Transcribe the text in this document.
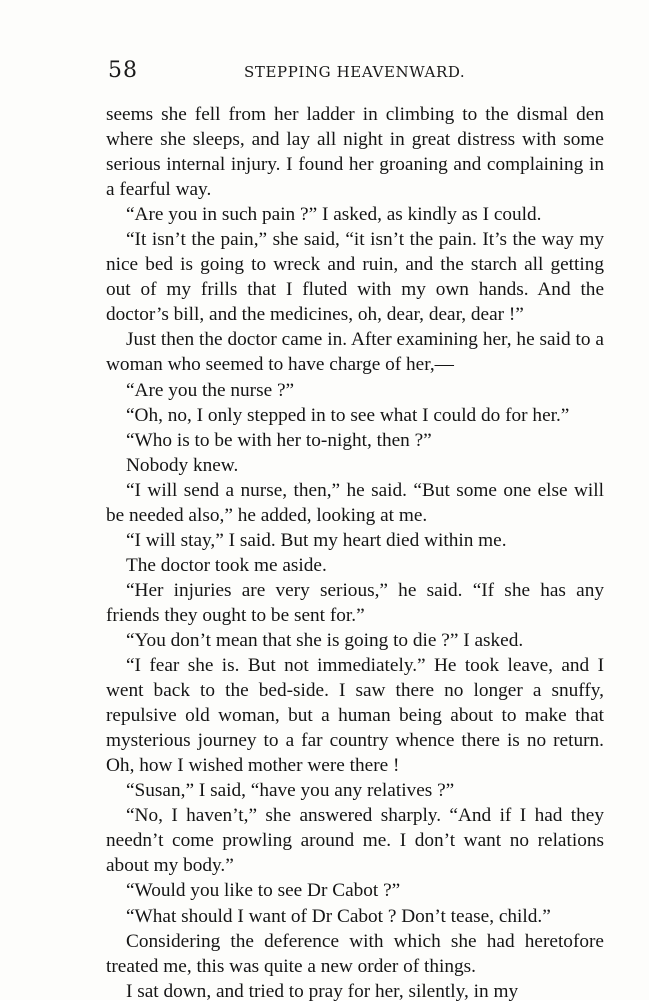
58	STEPPING HEAVENWARD.

seems she fell from her ladder in climbing to the dismal den where she sleeps, and lay all night in great distress with some serious internal injury. I found her groaning and complaining in a fearful way.

“Are you in such pain ?” I asked, as kindly as I could.

“It isn’t the pain,” she said, “it isn’t the pain. It’s the way my nice bed is going to wreck and ruin, and the starch all getting out of my frills that I fluted with my own hands. And the doctor’s bill, and the medicines, oh, dear, dear, dear !”

Just then the doctor came in. After examining her, he said to a woman who seemed to have charge of her,—

“Are you the nurse ?”

“Oh, no, I only stepped in to see what I could do for her.”

“Who is to be with her to-night, then ?”

Nobody knew.

“I will send a nurse, then,” he said. “But some one else will be needed also,” he added, looking at me.

“I will stay,” I said. But my heart died within me.

The doctor took me aside.

“Her injuries are very serious,” he said. “If she has any friends they ought to be sent for.”

“You don’t mean that she is going to die ?” I asked.

“I fear she is. But not immediately.” He took leave, and I went back to the bed-side. I saw there no longer a snuffy, repulsive old woman, but a human being about to make that mysterious journey to a far country whence there is no return. Oh, how I wished mother were there !

“Susan,” I said, “have you any relatives ?”

“No, I haven’t,” she answered sharply. “And if I had they needn’t come prowling around me. I don’t want no relations about my body.”

“Would you like to see Dr Cabot ?”

“What should I want of Dr Cabot ? Don’t tease, child.”

Considering the deference with which she had heretofore treated me, this was quite a new order of things.

I sat down, and tried to pray for her, silently, in my
